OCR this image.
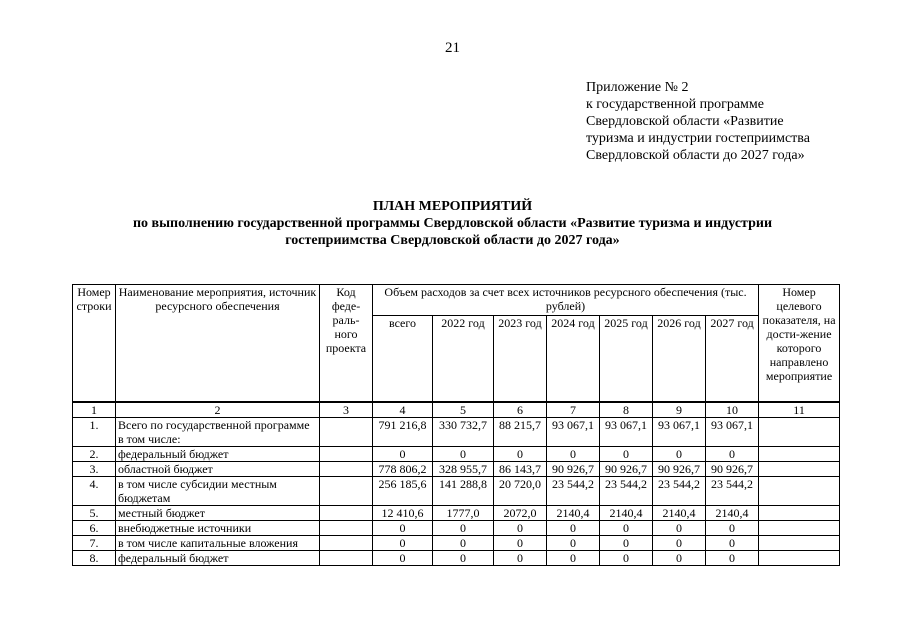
21
Приложение № 2
к государственной программе
Свердловской области «Развитие
туризма и индустрии гостеприимства
Свердловской области до 2027 года»
ПЛАН МЕРОПРИЯТИЙ
по выполнению государственной программы Свердловской области «Развитие туризма и индустрии
гостеприимства Свердловской области до 2027 года»
Номер строки	Наименование мероприятия, источник ресурсного обеспечения	Код феде-раль-ного проекта	Объем расходов за счет всех источников ресурсного обеспечения (тыс. рублей)							Номер целевого показателя, на дости-жение которого направлено мероприятие
			всего	2022 год	2023 год	2024 год	2025 год	2026 год	2027 год	
1	2	3	4	5	6	7	8	9	10	11
1.	Всего по государственной программе в том числе:		791 216,8	330 732,7	88 215,7	93 067,1	93 067,1	93 067,1	93 067,1	
2.	федеральный бюджет		0	0	0	0	0	0	0	
3.	областной бюджет		778 806,2	328 955,7	86 143,7	90 926,7	90 926,7	90 926,7	90 926,7	
4.	в том числе субсидии местным бюджетам		256 185,6	141 288,8	20 720,0	23 544,2	23 544,2	23 544,2	23 544,2	
5.	местный бюджет		12 410,6	1777,0	2072,0	2140,4	2140,4	2140,4	2140,4	
6.	внебюджетные источники		0	0	0	0	0	0	0	
7.	в том числе капитальные вложения		0	0	0	0	0	0	0	
8.	федеральный бюджет		0	0	0	0	0	0	0	
